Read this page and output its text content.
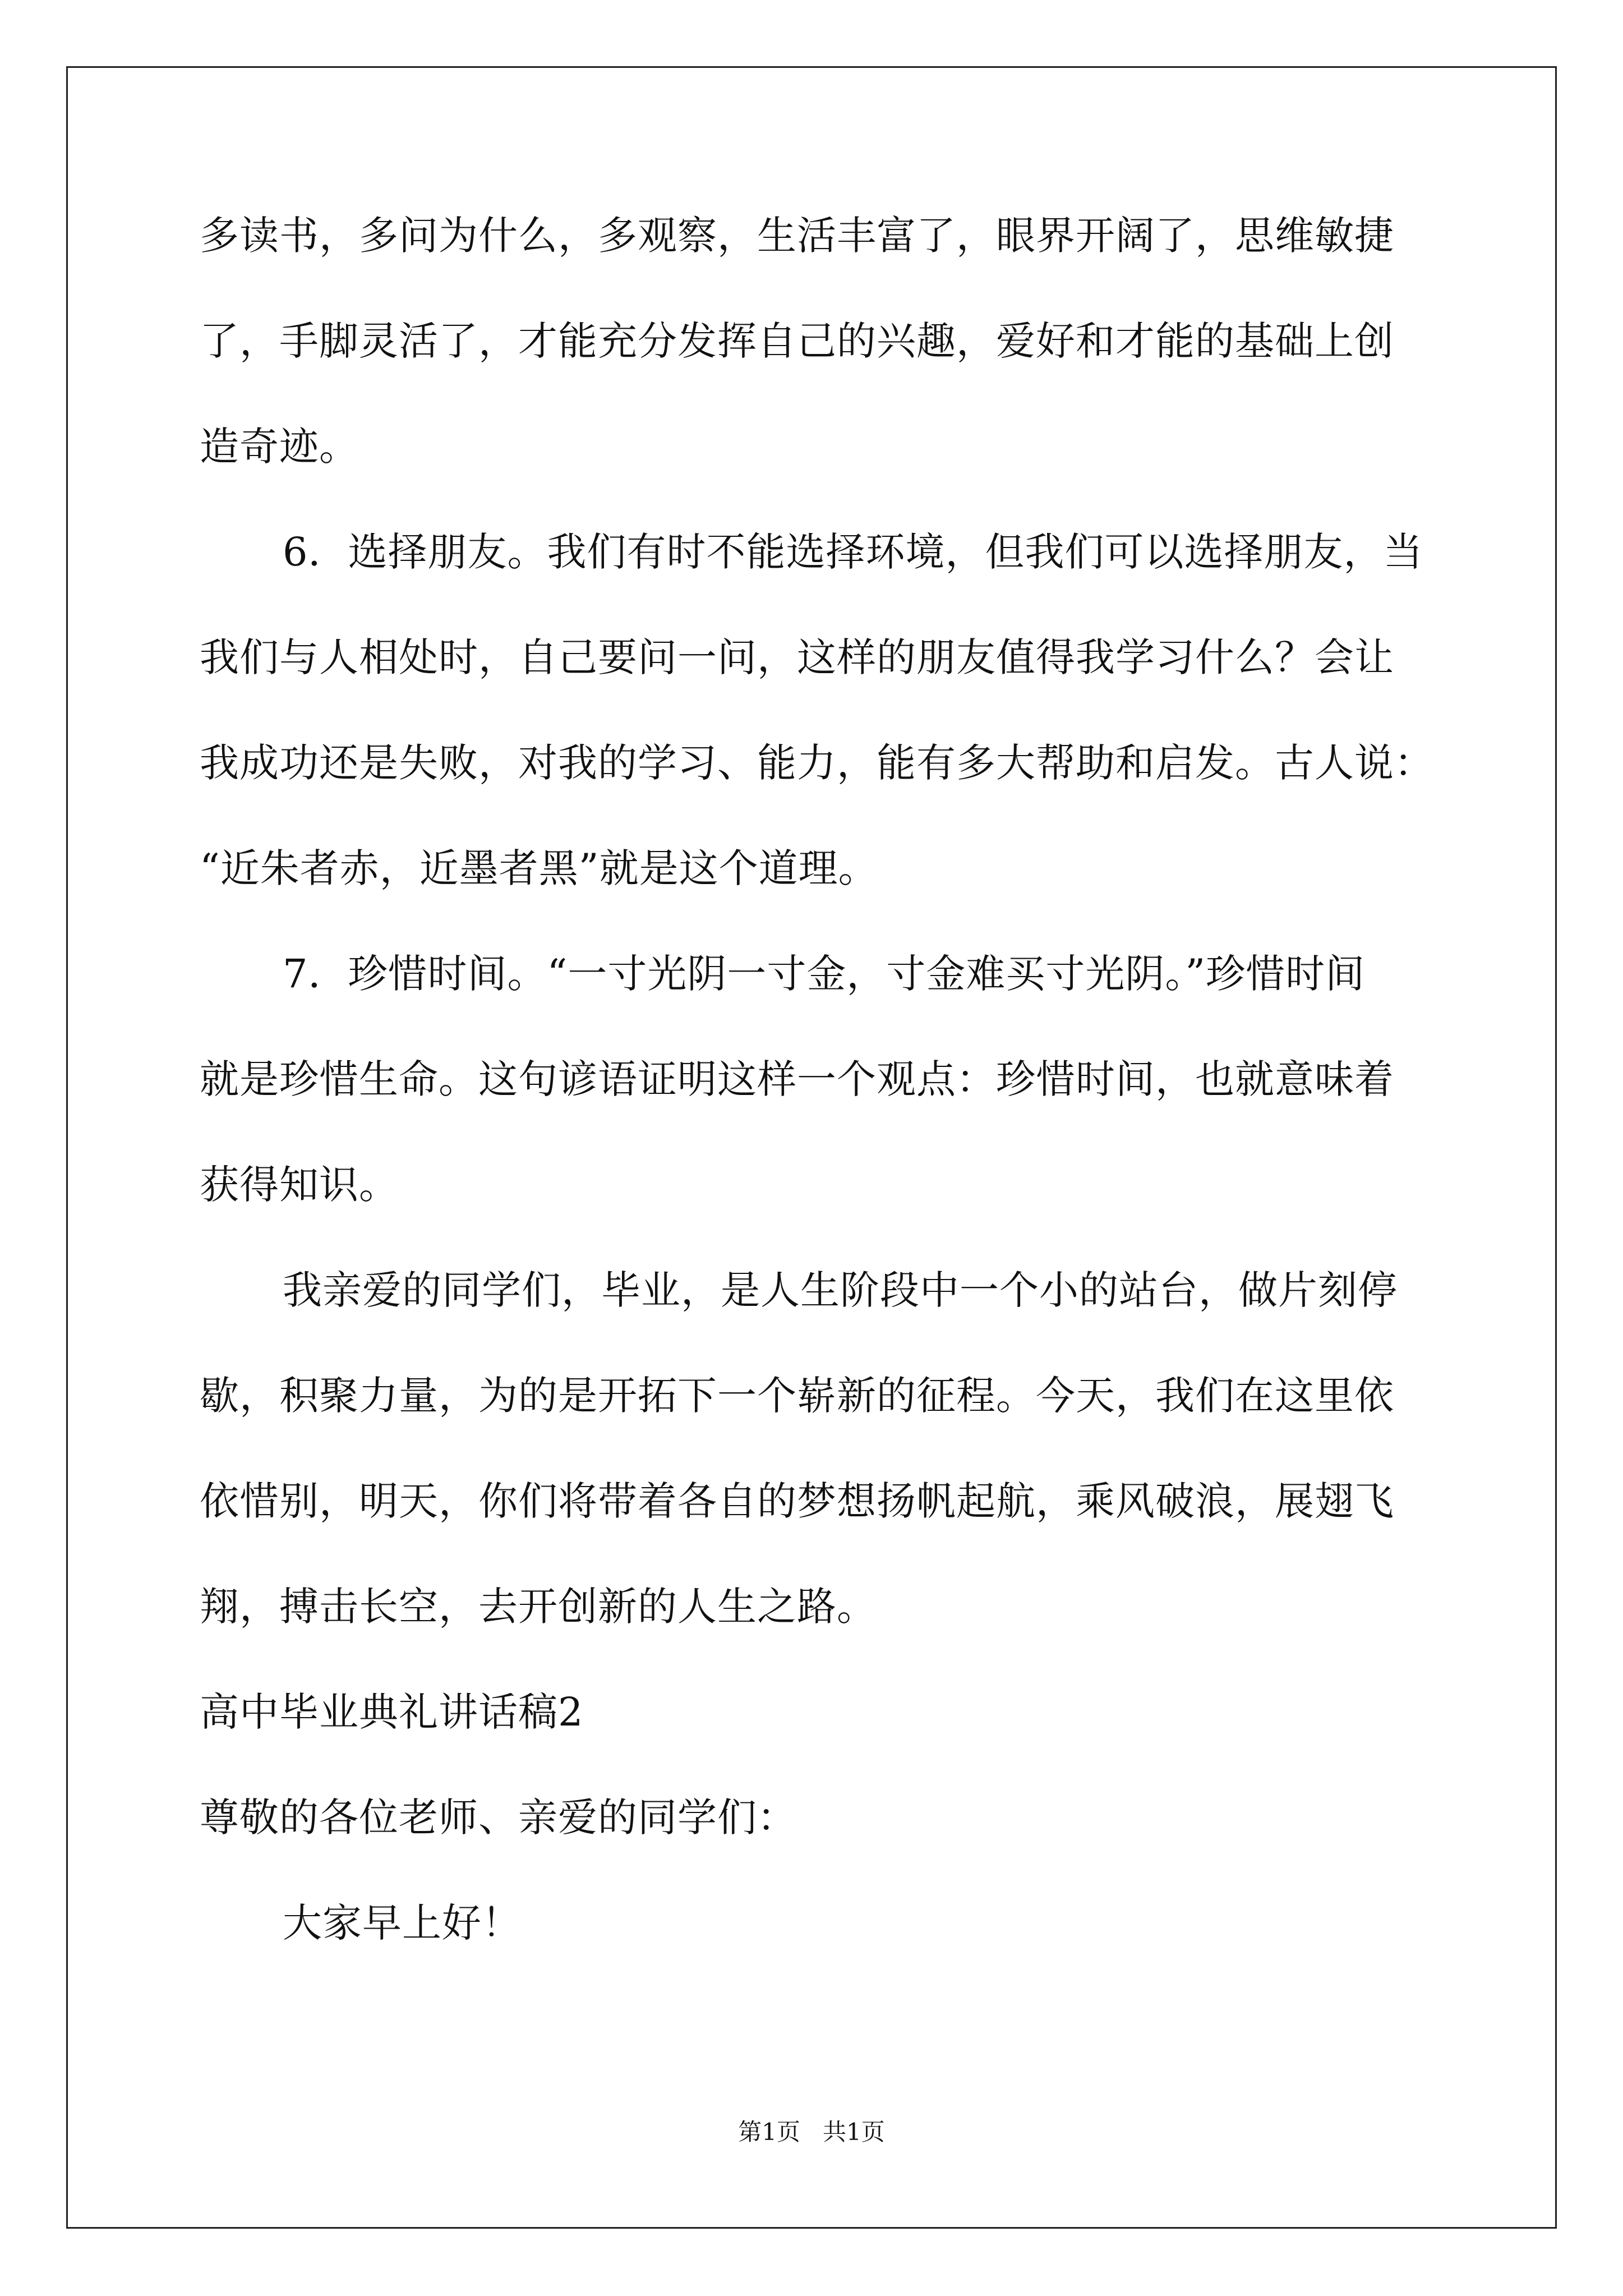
多读书，多问为什么，多观察，生活丰富了，眼界开阔了，思维敏捷
了，手脚灵活了，才能充分发挥自己的兴趣，爱好和才能的基础上创
造奇迹。
6．选择朋友。我们有时不能选择环境，但我们可以选择朋友，当
我们与人相处时，自己要问一问，这样的朋友值得我学习什么？会让
我成功还是失败，对我的学习、能力，能有多大帮助和启发。古人说：
“近朱者赤，近墨者黑”就是这个道理。
7．珍惜时间。“一寸光阴一寸金，寸金难买寸光阴。”珍惜时间
就是珍惜生命。这句谚语证明这样一个观点：珍惜时间，也就意味着
获得知识。
我亲爱的同学们，毕业，是人生阶段中一个小的站台，做片刻停
歇，积聚力量，为的是开拓下一个崭新的征程。今天，我们在这里依
依惜别，明天，你们将带着各自的梦想扬帆起航，乘风破浪，展翅飞
翔，搏击长空，去开创新的人生之路。
高中毕业典礼讲话稿2
尊敬的各位老师、亲爱的同学们：
大家早上好！
第1页   共1页
